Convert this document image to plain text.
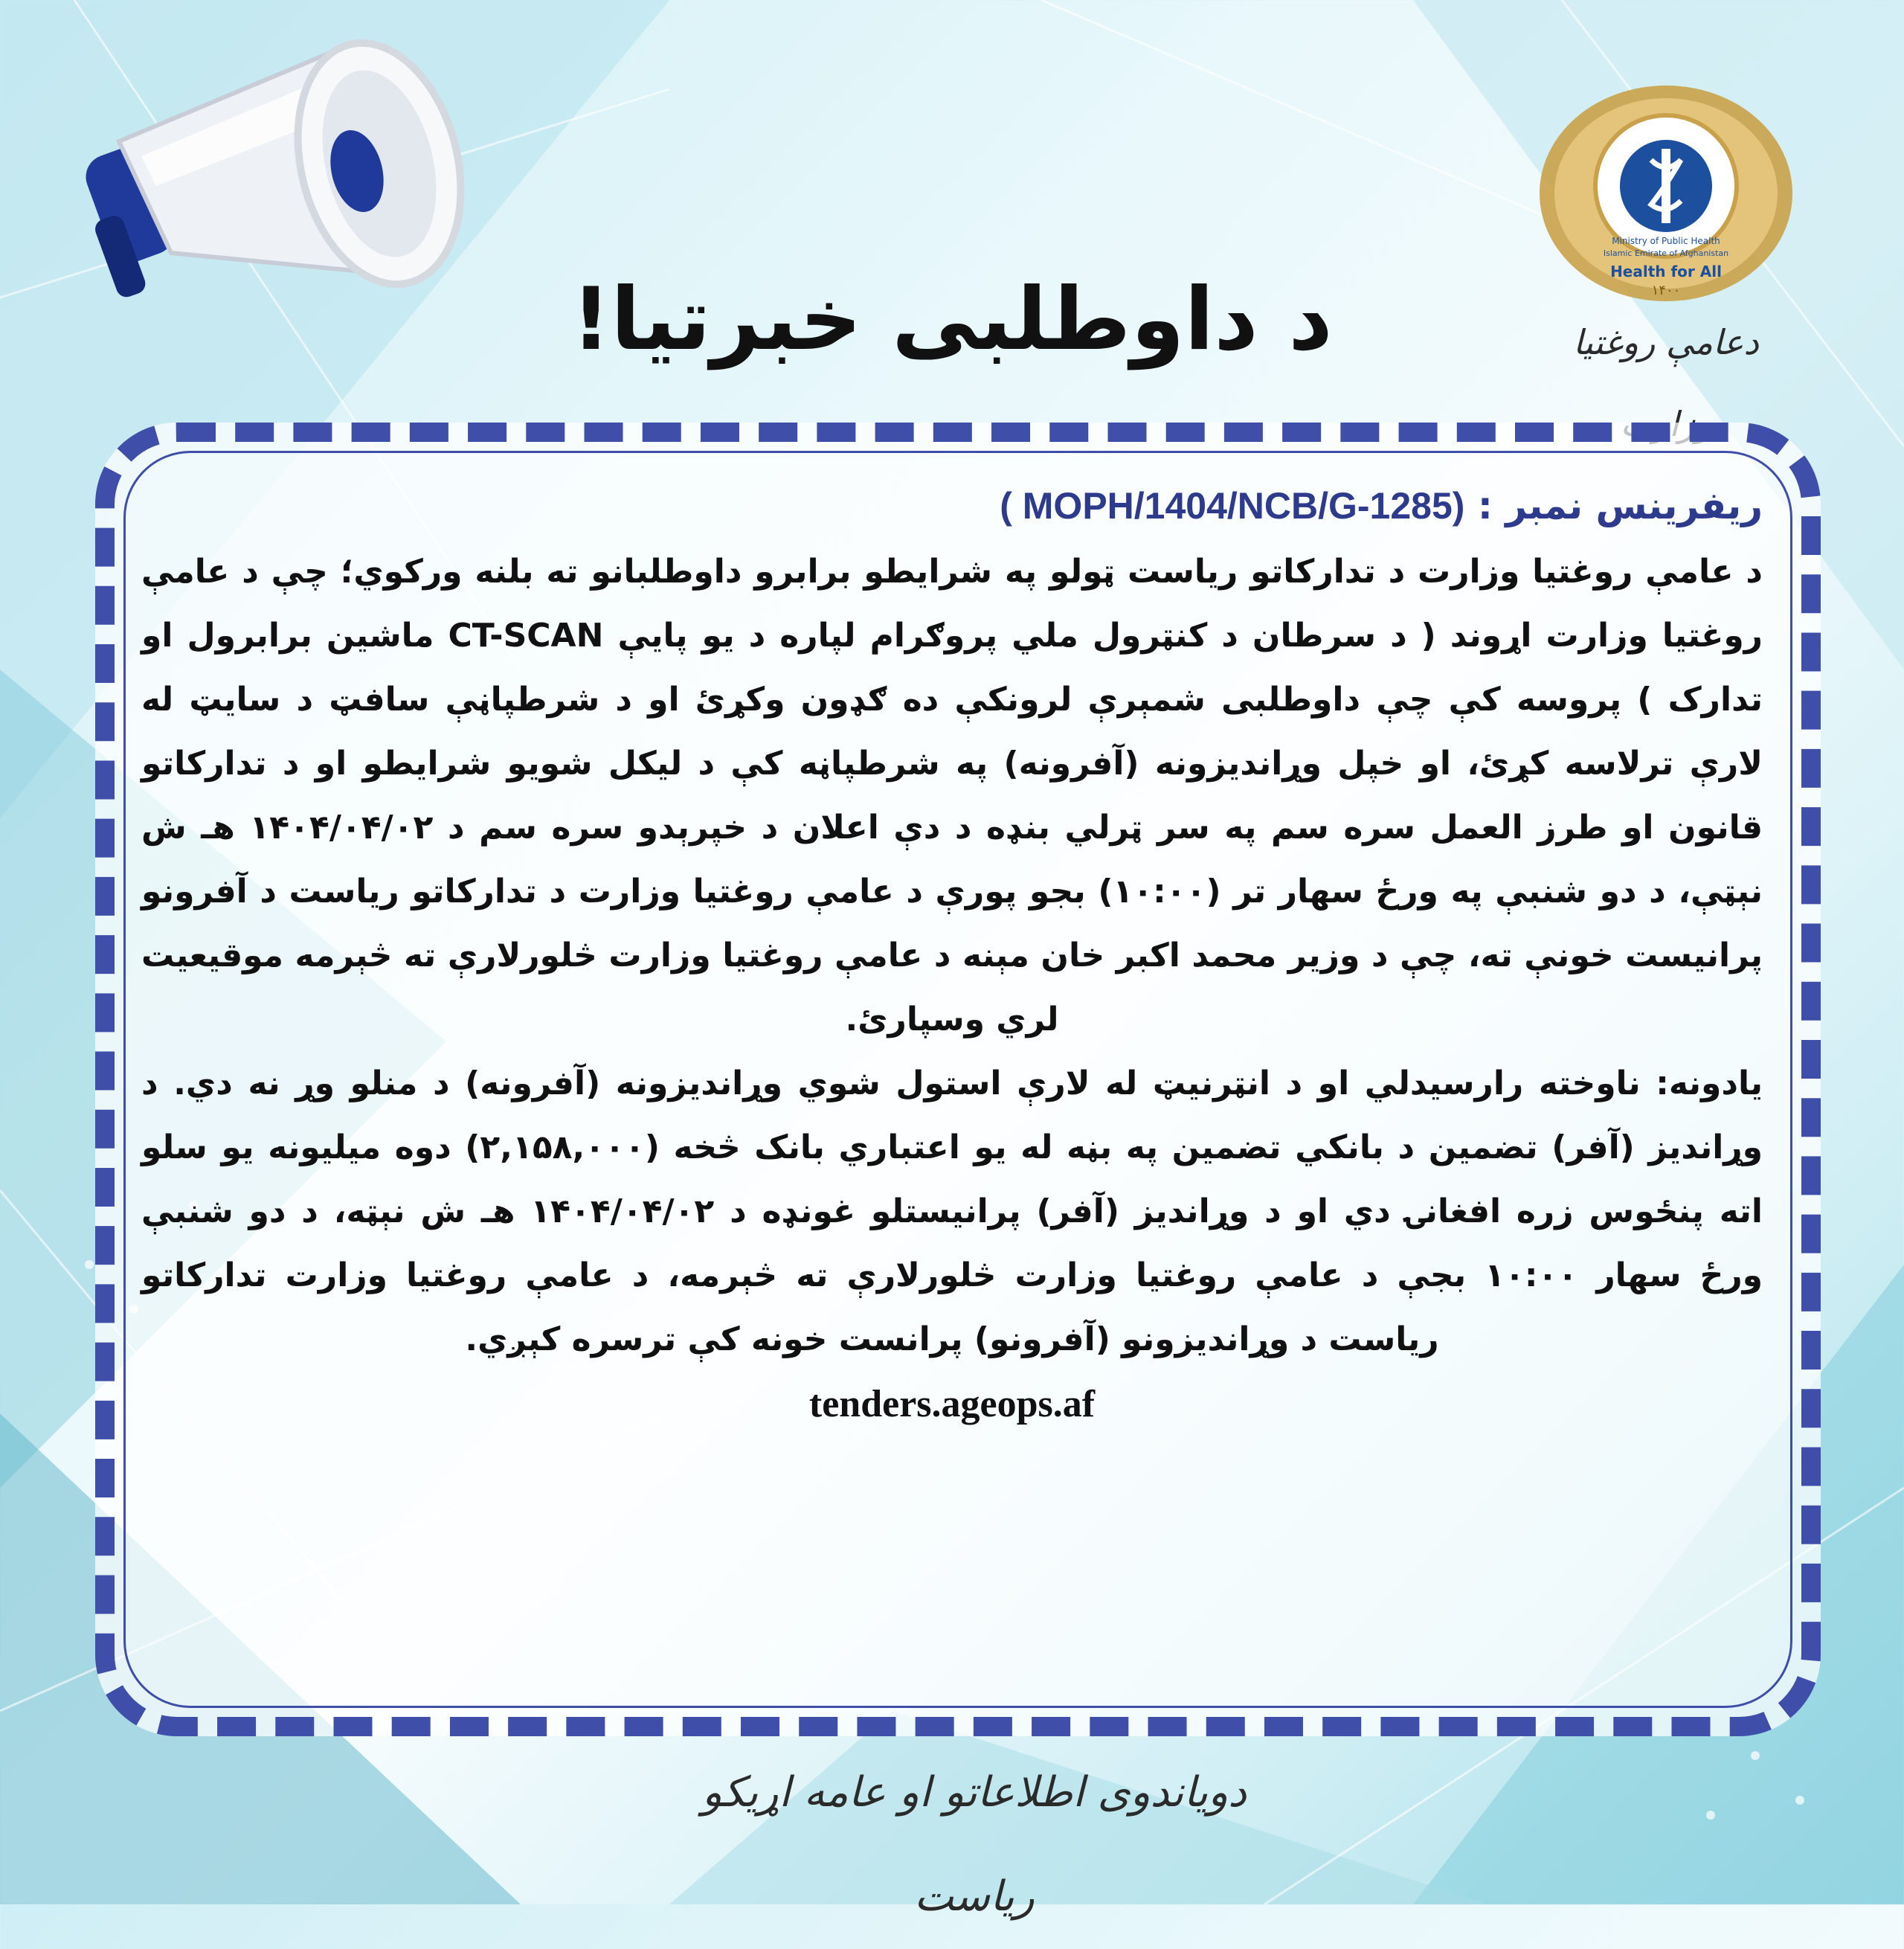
Health for All
۱۴۰۰
Ministry of Public Health
Islamic Emirate of Afghanistan
دعامې روغتیا
د داوطلبی خبرتیا!
ریفرینس نمبر : ( MOPH/1404/NCB/G-1285)

د عامې روغتیا وزارت د تدارکاتو ریاست ټولو په شرایطو برابرو داوطلبانو ته بلنه ورکوي؛ چې د عامې روغتیا وزارت اړوند ( د سرطان د کنټرول ملي پروګرام لپاره د یو پایې CT-SCAN ماشین برابرول او تدارک ) پروسه کې چې داوطلبی شمېرې لرونکې ده ګډون وکړئ او د شرطپاڼې سافټ د سایټ له لارې ترلاسه کړئ، او خپل وړاندیزونه (آفرونه) په شرطپاڼه کې د لیکل شویو شرایطو او د تدارکاتو قانون او طرز العمل سره سم په سر ټرلي بنډه د دې اعلان د خپرېدو سره سم د ۱۴۰۴/۰۴/۰۲ هـ ش نېټې، د دو شنبې په ورځ سهار تر (۱۰:۰۰) بجو پورې د عامې روغتیا وزارت د تدارکاتو ریاست د آفرونو پرانیست خونې ته، چې د وزیر محمد اکبر خان مېنه د عامې روغتیا وزارت څلورلارې ته څېرمه موقیعیت لري وسپارئ.

یادونه: ناوخته رارسیدلي او د انټرنیټ له لارې استول شوي وړاندیزونه (آفرونه) د منلو وړ نه دي. د وړاندیز (آفر) تضمین د بانکي تضمین په بڼه له یو اعتباري بانک څخه (۲,۱۵۸,۰۰۰) دوه میلیونه یو سلو اته پنځوس زره افغانۍ دي او د وړاندیز (آفر) پرانیستلو غونډه د ۱۴۰۴/۰۴/۰۲ هـ ش نېټه، د دو شنبې ورځ سهار ۱۰:۰۰ بجې د عامې روغتیا وزارت څلورلارې ته څېرمه، د عامې روغتیا وزارت تدارکاتو ریاست د وړاندیزونو (آفرونو) پرانست خونه کې ترسره کېږي.

tenders.ageops.af
دویاندوی اطلاعاتو او عامه اړیکو ریاست
